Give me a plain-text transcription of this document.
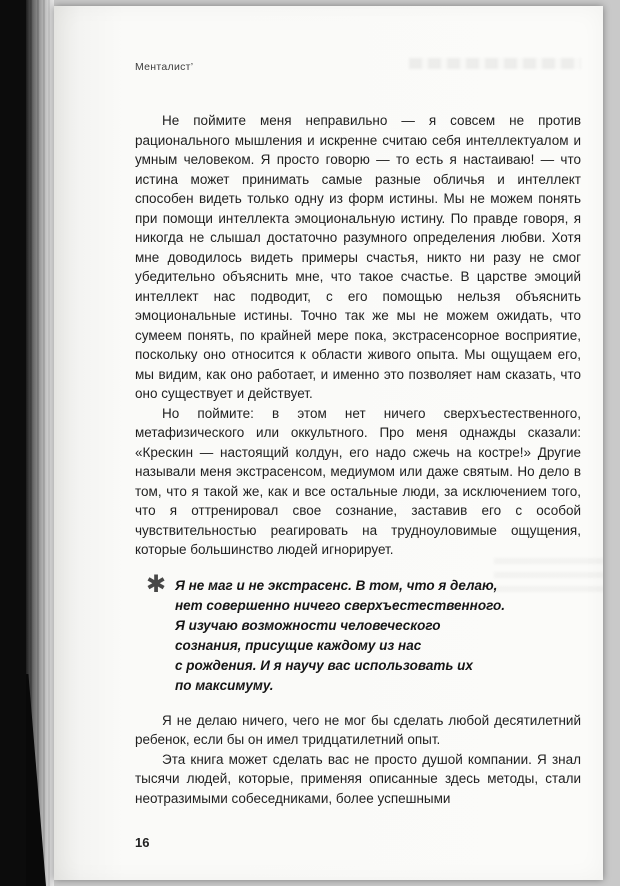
Менталист’

Не поймите меня неправильно — я совсем не против рационального мышления и искренне считаю себя интеллектуалом и умным человеком. Я просто говорю — то есть я настаиваю! — что истина может принимать самые разные обличья и интеллект способен видеть только одну из форм истины. Мы не можем понять при помощи интеллекта эмоциональную истину. По правде говоря, я никогда не слышал достаточно разумного определения любви. Хотя мне доводилось видеть примеры счастья, никто ни разу не смог убедительно объяснить мне, что такое счастье. В царстве эмоций интеллект нас подводит, с его помощью нельзя объяснить эмоциональные истины. Точно так же мы не можем ожидать, что сумеем понять, по крайней мере пока, экстрасенсорное восприятие, поскольку оно относится к области живого опыта. Мы ощущаем его, мы видим, как оно работает, и именно это позволяет нам сказать, что оно существует и действует.

Но поймите: в этом нет ничего сверхъестественного, метафизического или оккультного. Про меня однажды сказали: «Крескин — настоящий колдун, его надо сжечь на костре!» Другие называли меня экстрасенсом, медиумом или даже святым. Но дело в том, что я такой же, как и все остальные люди, за исключением того, что я оттренировал свое сознание, заставив его с особой чувствительностью реагировать на трудноуловимые ощущения, которые большинство людей игнорирует.

✱ Я не маг и не экстрасенс. В том, что я делаю,
нет совершенно ничего сверхъестественного.
Я изучаю возможности человеческого
сознания, присущие каждому из нас
с рождения. И я научу вас использовать их
по максимуму.

Я не делаю ничего, чего не мог бы сделать любой десятилетний ребенок, если бы он имел тридцатилетний опыт.

Эта книга может сделать вас не просто душой компании. Я знал тысячи людей, которые, применяя описанные здесь методы, стали неотразимыми собеседниками, более успешными

16
